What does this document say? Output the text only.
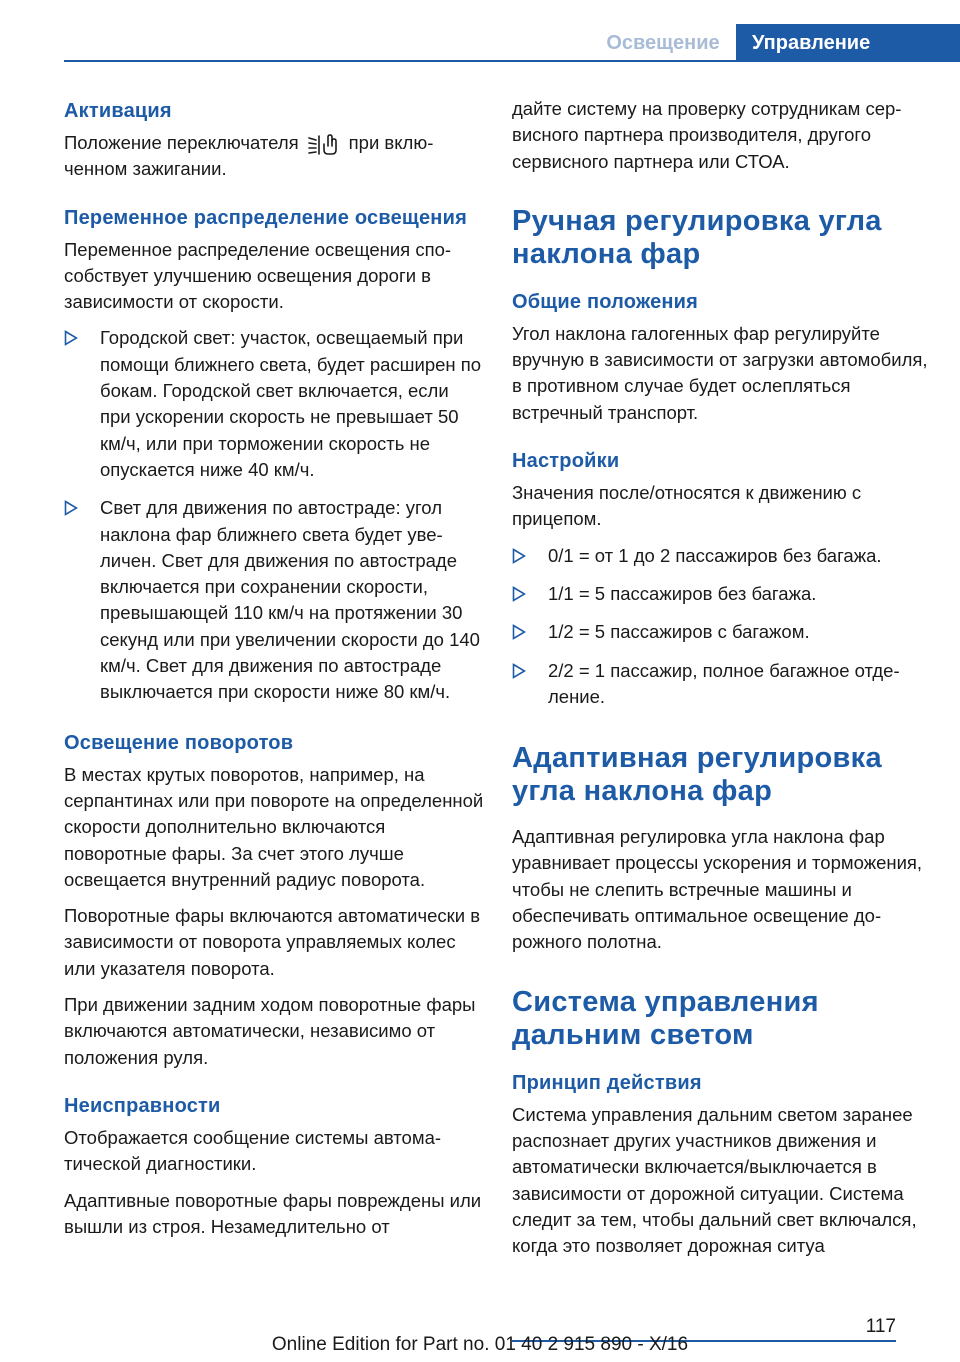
Освещение	Управление
Активация

Положение переключателя	при включенном зажигании.

Переменное распределение освещения

Переменное распределение освещения способствует улучшению освещения дороги в зависимости от скорости.

Городской свет: участок, освещаемый при помощи ближнего света, будет расширен по бокам. Городской свет включается, если при ускорении скорость не превышает 50 км/ч, или при торможении скорость не опускается ниже 40 км/ч.
Свет для движения по автостраде: угол наклона фар ближнего света будет увеличен. Свет для движения по автостраде включается при сохранении скорости, превышающей 110 км/ч на протяжении 30 секунд или при увеличении скорости до 140 км/ч. Свет для движения по автостраде выключается при скорости ниже 80 км/ч.
Освещение поворотов

В местах крутых поворотов, например, на серпантинах или при повороте на определенной скорости дополнительно включаются поворотные фары. За счет этого лучше освещается внутренний радиус поворота.

Поворотные фары включаются автоматически в зависимости от поворота управляемых колес или указателя поворота.

При движении задним ходом поворотные фары включаются автоматически, независимо от положения руля.

Неисправности

Отображается сообщение системы автоматической диагностики.

Адаптивные поворотные фары повреждены или вышли из строя. Незамедлительно от

дайте систему на проверку сотрудникам сервисного партнера производителя, другого сервисного партнера или СТОА.

Ручная регулировка угла наклона фар
Общие положения

Угол наклона галогенных фар регулируйте вручную в зависимости от загрузки автомобиля, в противном случае будет ослепляться встречный транспорт.

Настройки

Значения после/относятся к движению с прицепом.

0/1 = от 1 до 2 пассажиров без багажа.
1/1 = 5 пассажиров без багажа.
1/2 = 5 пассажиров с багажом.
2/2 = 1 пассажир, полное багажное отделение.
Адаптивная регулировка угла наклона фар

Адаптивная регулировка угла наклона фар уравнивает процессы ускорения и торможения, чтобы не слепить встречные машины и обеспечивать оптимальное освещение дорожного полотна.

Система управления дальним светом
Принцип действия

Система управления дальним светом заранее распознает других участников движения и автоматически включается/выключается в зависимости от дорожной ситуации. Система следит за тем, чтобы дальний свет включался, когда это позволяет дорожная ситуа

117
Online Edition for Part no. 01 40 2 915 890 - X/16
